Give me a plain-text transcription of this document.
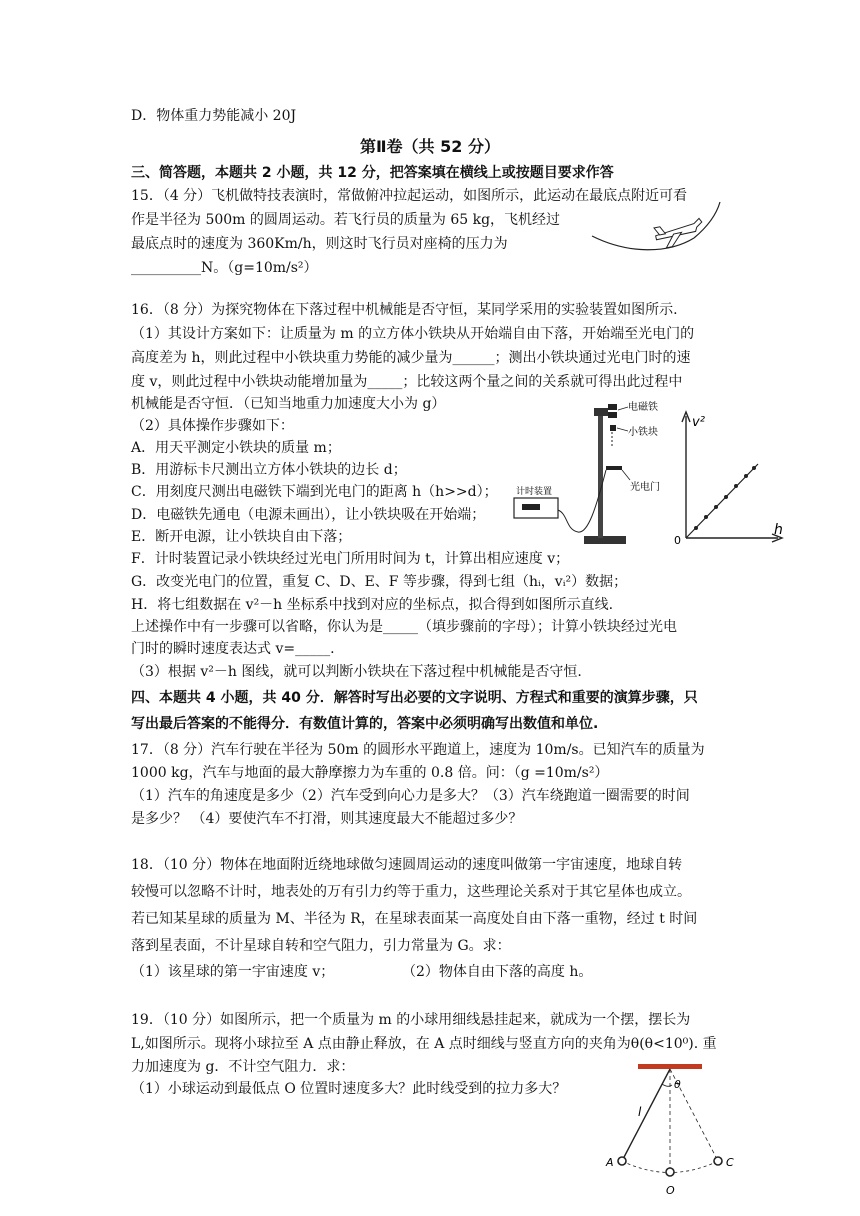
D．物体重力势能减小 20J
第Ⅱ卷（共 52 分）
三、简答题，本题共 2 小题，共 12 分，把答案填在横线上或按题目要求作答
15．（4 分）飞机做特技表演时，常做俯冲拉起运动，如图所示，此运动在最底点附近可看
作是半径为 500m 的圆周运动。若飞行员的质量为 65 kg，飞机经过
最底点时的速度为 360Km/h，则这时飞行员对座椅的压力为
__________N。（g=10m/s²）
16．（8 分）为探究物体在下落过程中机械能是否守恒，某同学采用的实验装置如图所示.
（1）其设计方案如下：让质量为 m 的立方体小铁块从开始端自由下落，开始端至光电门的
高度差为 h，则此过程中小铁块重力势能的减少量为______；测出小铁块通过光电门时的速
度 v，则此过程中小铁块动能增加量为_____；比较这两个量之间的关系就可得出此过程中
机械能是否守恒．（已知当地重力加速度大小为 g）
（2）具体操作步骤如下：
A．用天平测定小铁块的质量 m；
B．用游标卡尺测出立方体小铁块的边长 d；
C．用刻度尺测出电磁铁下端到光电门的距离 h（h>>d）；
D．电磁铁先通电（电源未画出），让小铁块吸在开始端；
E．断开电源，让小铁块自由下落；
F．计时装置记录小铁块经过光电门所用时间为 t，计算出相应速度 v；
G．改变光电门的位置，重复 C、D、E、F 等步骤，得到七组（hᵢ，vᵢ²）数据；
H．将七组数据在 v²－h 坐标系中找到对应的坐标点，拟合得到如图所示直线.
上述操作中有一步骤可以省略，你认为是_____（填步骤前的字母）；计算小铁块经过光电
门时的瞬时速度表达式 v=_____.
（3）根据 v²－h 图线，就可以判断小铁块在下落过程中机械能是否守恒.
四、本题共 4 小题，共 40 分．解答时写出必要的文字说明、方程式和重要的演算步骤，只
写出最后答案的不能得分．有数值计算的，答案中必须明确写出数值和单位.
17．（8 分）汽车行驶在半径为 50m 的圆形水平跑道上，速度为 10m/s。已知汽车的质量为
1000 kg，汽车与地面的最大静摩擦力为车重的 0.8 倍。问：（g =10m/s²）
（1）汽车的角速度是多少（2）汽车受到向心力是多大？（3）汽车绕跑道一圈需要的时间
是多少？ （4）要使汽车不打滑，则其速度最大不能超过多少？
18．（10 分）物体在地面附近绕地球做匀速圆周运动的速度叫做第一宇宙速度，地球自转
较慢可以忽略不计时，地表处的万有引力约等于重力，这些理论关系对于其它星体也成立。
若已知某星球的质量为 M、半径为 R，在星球表面某一高度处自由下落一重物，经过 t 时间
落到星表面，不计星球自转和空气阻力，引力常量为 G。求：
（1）该星球的第一宇宙速度 v；	（2）物体自由下落的高度 h。
19．（10 分）如图所示，把一个质量为 m 的小球用细线悬挂起来，就成为一个摆，摆长为
L,如图所示。现将小球拉至 A 点由静止释放，在 A 点时细线与竖直方向的夹角为θ(θ<10⁰). 重
力加速度为 g．不计空气阻力．求：
（1）小球运动到最低点 O 位置时速度多大？此时线受到的拉力多大？
电磁铁
小铁块
光电门
计时装置
v²
h
0
θ
l
A	C
O
